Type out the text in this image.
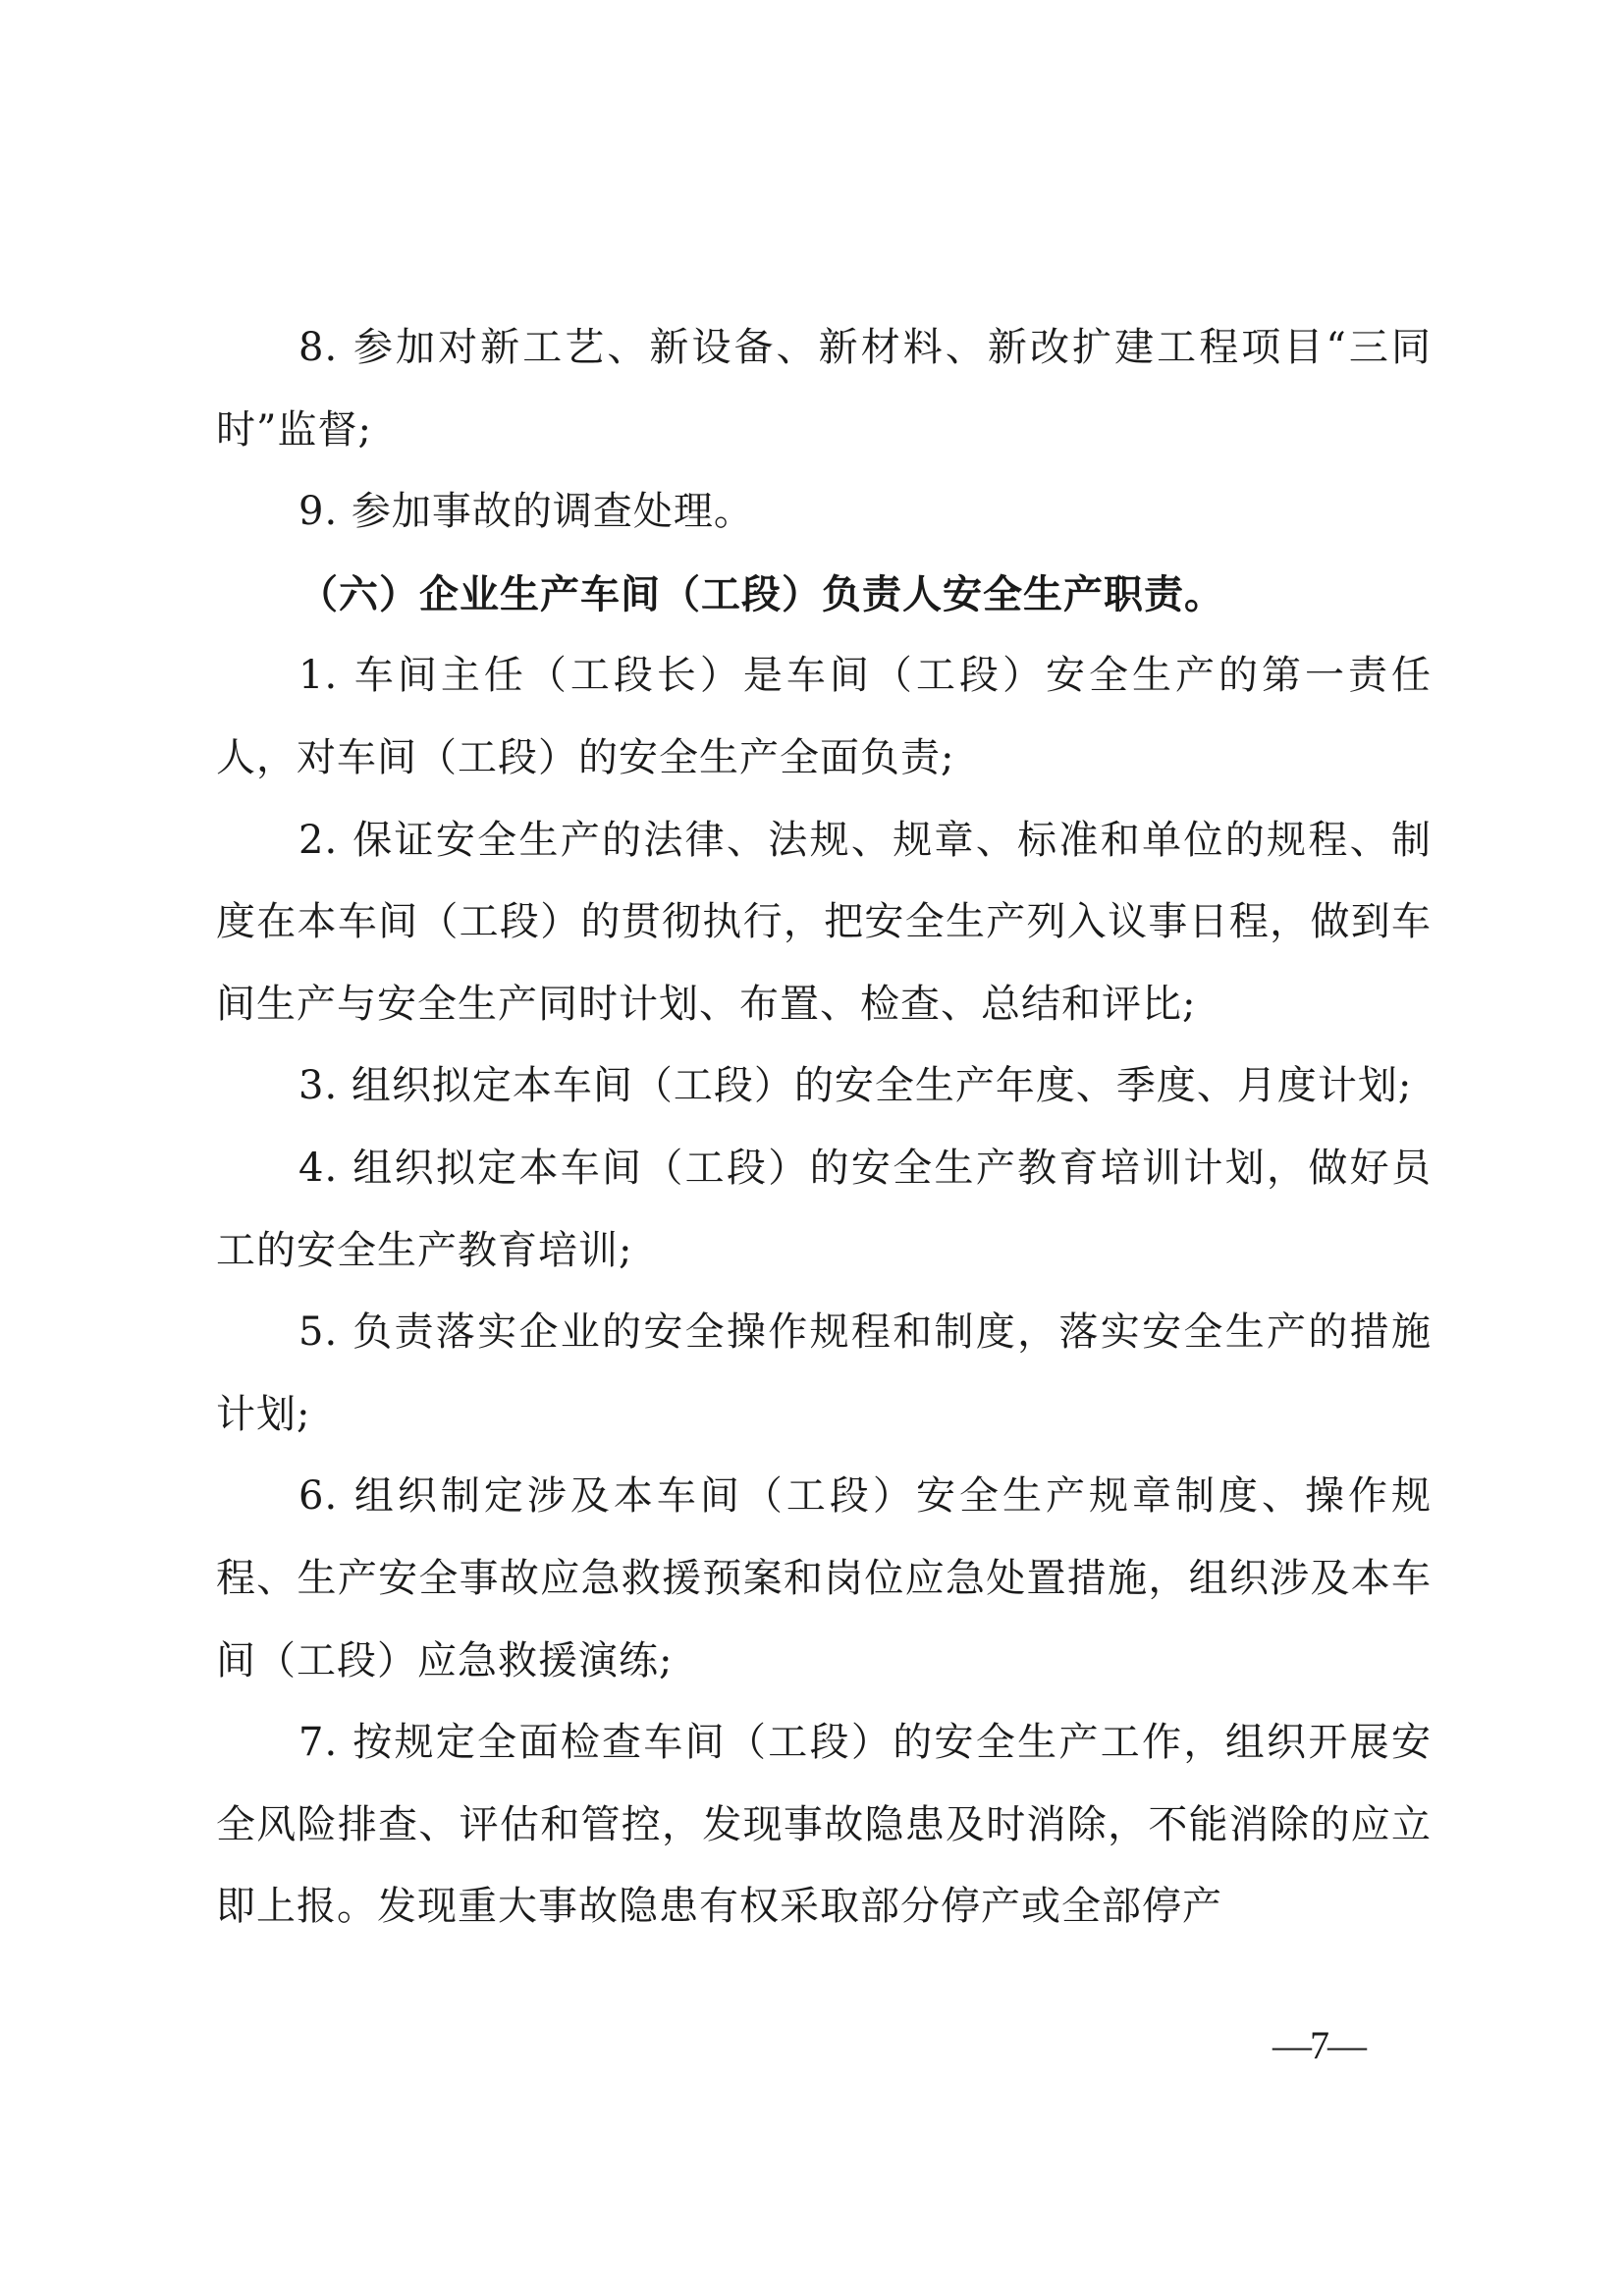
8. 参加对新工艺、新设备、新材料、新改扩建工程项目“三同时”监督;

9. 参加事故的调查处理。

（六）企业生产车间（工段）负责人安全生产职责。

1. 车间主任（工段长）是车间（工段）安全生产的第一责任人，对车间（工段）的安全生产全面负责;

2. 保证安全生产的法律、法规、规章、标准和单位的规程、制度在本车间（工段）的贯彻执行，把安全生产列入议事日程，做到车间生产与安全生产同时计划、布置、检查、总结和评比;

3. 组织拟定本车间（工段）的安全生产年度、季度、月度计划;

4. 组织拟定本车间（工段）的安全生产教育培训计划，做好员工的安全生产教育培训;

5. 负责落实企业的安全操作规程和制度，落实安全生产的措施计划;

6. 组织制定涉及本车间（工段）安全生产规章制度、操作规程、生产安全事故应急救援预案和岗位应急处置措施，组织涉及本车间（工段）应急救援演练;

7. 按规定全面检查车间（工段）的安全生产工作，组织开展安全风险排查、评估和管控，发现事故隐患及时消除，不能消除的应立即上报。发现重大事故隐患有权采取部分停产或全部停产

—7—
